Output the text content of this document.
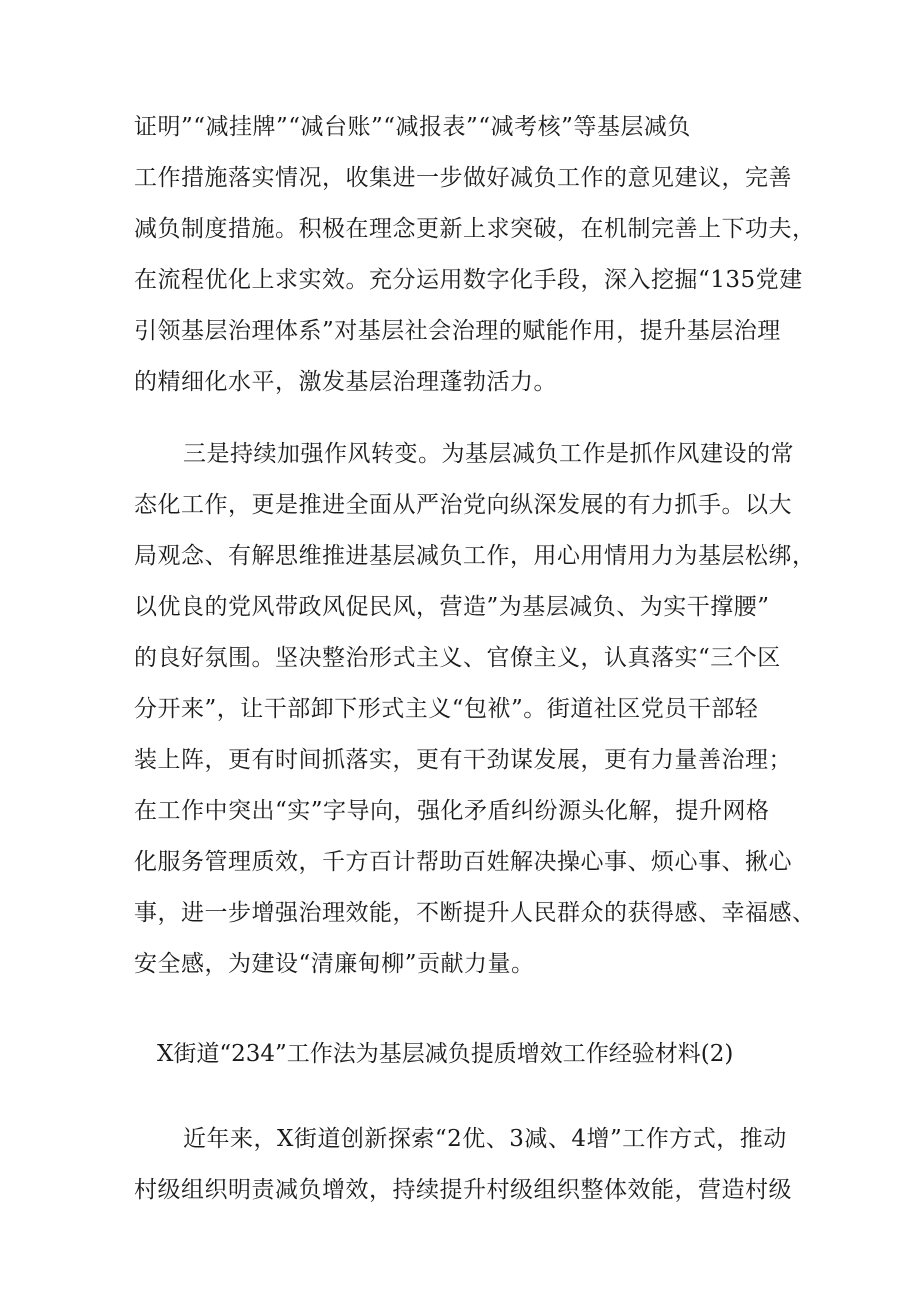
证明”“减挂牌”“减台账”“减报表”“减考核”等基层减负
工作措施落实情况，收集进一步做好减负工作的意见建议，完善
减负制度措施。积极在理念更新上求突破，在机制完善上下功夫，
在流程优化上求实效。充分运用数字化手段，深入挖掘“135党建
引领基层治理体系”对基层社会治理的赋能作用，提升基层治理
的精细化水平，激发基层治理蓬勃活力。
三是持续加强作风转变。为基层减负工作是抓作风建设的常
态化工作，更是推进全面从严治党向纵深发展的有力抓手。以大
局观念、有解思维推进基层减负工作，用心用情用力为基层松绑，
以优良的党风带政风促民风，营造”为基层减负、为实干撑腰”
的良好氛围。坚决整治形式主义、官僚主义，认真落实“三个区
分开来”，让干部卸下形式主义“包袱”。街道社区党员干部轻
装上阵，更有时间抓落实，更有干劲谋发展，更有力量善治理；
在工作中突出“实”字导向，强化矛盾纠纷源头化解，提升网格
化服务管理质效，千方百计帮助百姓解决操心事、烦心事、揪心
事，进一步增强治理效能，不断提升人民群众的获得感、幸福感、
安全感，为建设“清廉甸柳”贡献力量。
X街道“234”工作法为基层减负提质增效工作经验材料(2)
近年来，X街道创新探索“2优、3减、4增”工作方式，推动
村级组织明责减负增效，持续提升村级组织整体效能，营造村级
